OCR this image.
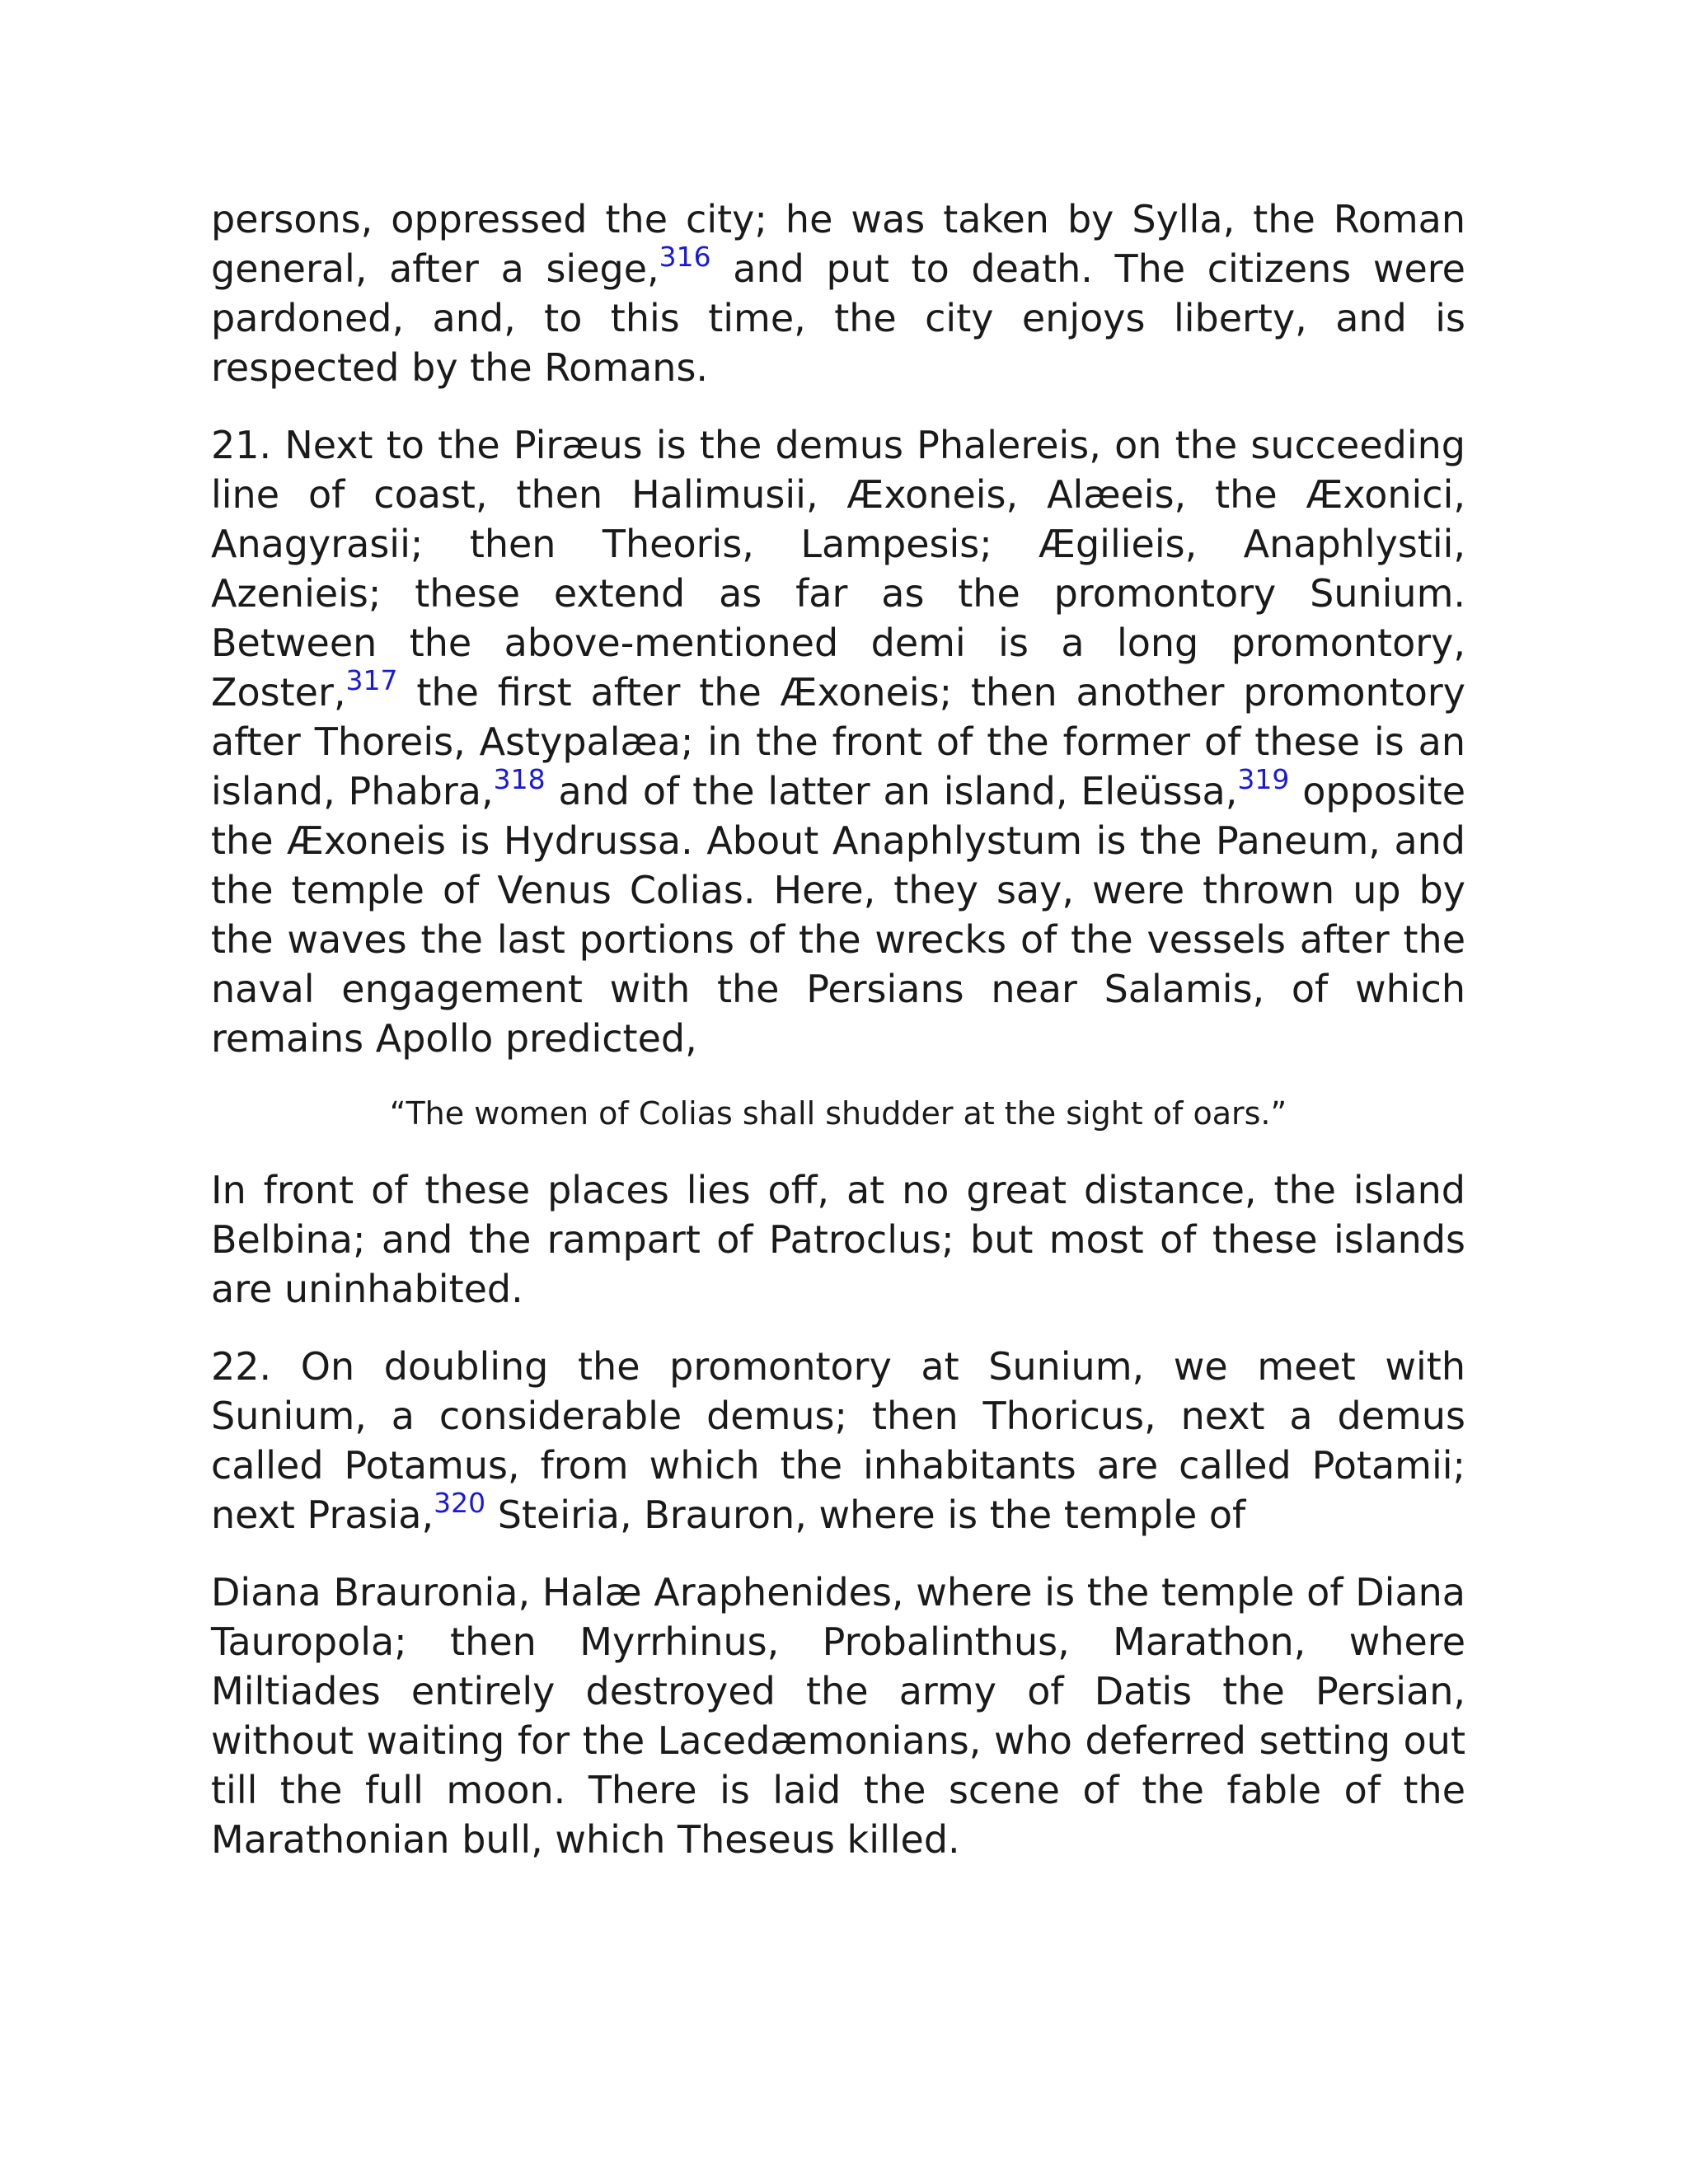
persons, oppressed the city; he was taken by Sylla, the Roman general, after a siege,$^{316}$ and put to death. The citizens were pardoned, and, to this time, the city enjoys liberty, and is respected by the Romans.

21. Next to the Piræus is the demus Phalereis, on the succeeding line of coast, then Halimusii, Æxoneis, Alæeis, the Æxonici, Anagyrasii; then Theoris, Lampesis; Ægilieis, Anaphlystii, Azenieis; these extend as far as the promontory Sunium. Between the above-mentioned demi is a long promontory, Zoster,$^{317}$ the first after the Æxoneis; then another promontory after Thoreis, Astypalæa; in the front of the former of these is an island, Phabra,$^{318}$ and of the latter an island, Eleüssa,$^{319}$ opposite the Æxoneis is Hydrussa. About Anaphlystum is the Paneum, and the temple of Venus Colias. Here, they say, were thrown up by the waves the last portions of the wrecks of the vessels after the naval engagement with the Persians near Salamis, of which remains Apollo predicted,

“The women of Colias shall shudder at the sight of oars.”

In front of these places lies off, at no great distance, the island Belbina; and the rampart of Patroclus; but most of these islands are uninhabited.

22. On doubling the promontory at Sunium, we meet with Sunium, a considerable demus; then Thoricus, next a demus called Potamus, from which the inhabitants are called Potamii; next Prasia,$^{320}$ Steiria, Brauron, where is the temple of

Diana Brauronia, Halæ Araphenides, where is the temple of Diana Tauropola; then Myrrhinus, Probalinthus, Marathon, where Miltiades entirely destroyed the army of Datis the Persian, without waiting for the Lacedæmonians, who deferred setting out till the full moon. There is laid the scene of the fable of the Marathonian bull, which Theseus killed.
